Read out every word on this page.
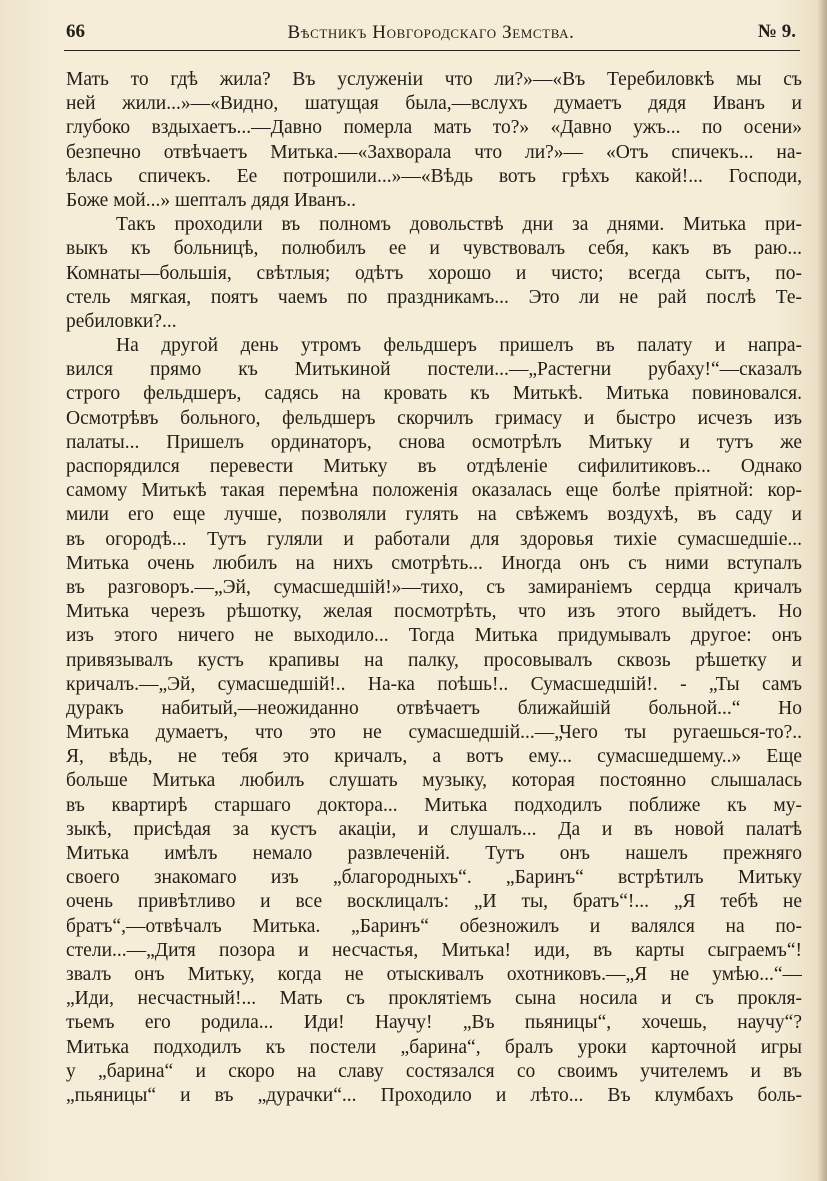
66	Вѣстникъ Новгородскаго Земства.	№ 9.
Мать то гдѣ жила? Въ услуженiи что ли?»—«Въ Теребиловкѣ мы съ
ней жили...»—«Видно, шатущая была,—вслухъ думаетъ дядя Иванъ и
глубоко вздыхаетъ...—Давно померла мать то?» «Давно ужъ... по осени»
безпечно отвѣчаетъ Митька.—«Захворала что ли?»— «Отъ спичекъ... на-
ѣлась спичекъ. Ее потрошили...»—«Вѣдь вотъ грѣхъ какой!... Господи,
Боже мой...» шепталъ дядя Иванъ..
Такъ проходили въ полномъ довольствѣ дни за днями. Митька при-
выкъ къ больницѣ, полюбилъ ее и чувствовалъ себя, какъ въ раю...
Комнаты—большiя, свѣтлыя; одѣтъ хорошо и чисто; всегда сытъ, по-
стель мягкая, поятъ чаемъ по праздникамъ... Это ли не рай послѣ Те-
ребиловки?...
На другой день утромъ фельдшеръ пришелъ въ палату и напра-
вился прямо къ Митькиной постели...—„Растегни рубаху!“—сказалъ
строго фельдшеръ, садясь на кровать къ Митькѣ. Митька повиновался.
Осмотрѣвъ больного, фельдшеръ скорчилъ гримасу и быстро исчезъ изъ
палаты... Пришелъ ординаторъ, снова осмотрѣлъ Митьку и тутъ же
распорядился перевести Митьку въ отдѣленiе сифилитиковъ... Однако
самому Митькѣ такая перемѣна положенiя оказалась еще болѣе прiятной: кор-
мили его еще лучше, позволяли гулять на свѣжемъ воздухѣ, въ саду и
въ огородѣ... Тутъ гуляли и работали для здоровья тихiе сумасшедшiе...
Митька очень любилъ на нихъ смотрѣть... Иногда онъ съ ними вступалъ
въ разговоръ.—„Эй, сумасшедшiй!»—тихо, съ замиранiемъ сердца кричалъ
Митька черезъ рѣшотку, желая посмотрѣть, что изъ этого выйдетъ. Но
изъ этого ничего не выходило... Тогда Митька придумывалъ другое: онъ
привязывалъ кустъ крапивы на палку, просовывалъ сквозь рѣшетку и
кричалъ.—„Эй, сумасшедшiй!.. На-ка поѣшь!.. Сумасшедшiй!. - „Ты самъ
дуракъ набитый,—неожиданно отвѣчаетъ ближайшiй больной...“ Но
Митька думаетъ, что это не сумасшедшiй...—„Чего ты ругаешься-то?..
Я, вѣдь, не тебя это кричалъ, а вотъ ему... сумасшедшему..» Еще
больше Митька любилъ слушать музыку, которая постоянно слышалась
въ квартирѣ старшаго доктора... Митька подходилъ поближе къ му-
зыкѣ, присѣдая за кустъ акацiи, и слушалъ... Да и въ новой палатѣ
Митька имѣлъ немало развлеченiй. Тутъ онъ нашелъ прежняго
своего знакомаго изъ „благородныхъ“. „Баринъ“ встрѣтилъ Митьку
очень привѣтливо и все восклицалъ: „И ты, братъ“!... „Я тебѣ не
братъ“,—отвѣчалъ Митька. „Баринъ“ обезножилъ и валялся на по-
стели...—„Дитя позора и несчастья, Митька! иди, въ карты сыграемъ“!
звалъ онъ Митьку, когда не отыскивалъ охотниковъ.—„Я не умѣю...“—
„Иди, несчастный!... Мать съ проклятiемъ сына носила и съ прокля-
тьемъ его родила... Иди! Научу! „Въ пьяницы“, хочешь, научу“?
Митька подходилъ къ постели „барина“, бралъ уроки карточной игры
у „барина“ и скоро на славу состязался со своимъ учителемъ и въ
„пьяницы“ и въ „дурачки“... Проходило и лѣто... Въ клумбахъ боль-
